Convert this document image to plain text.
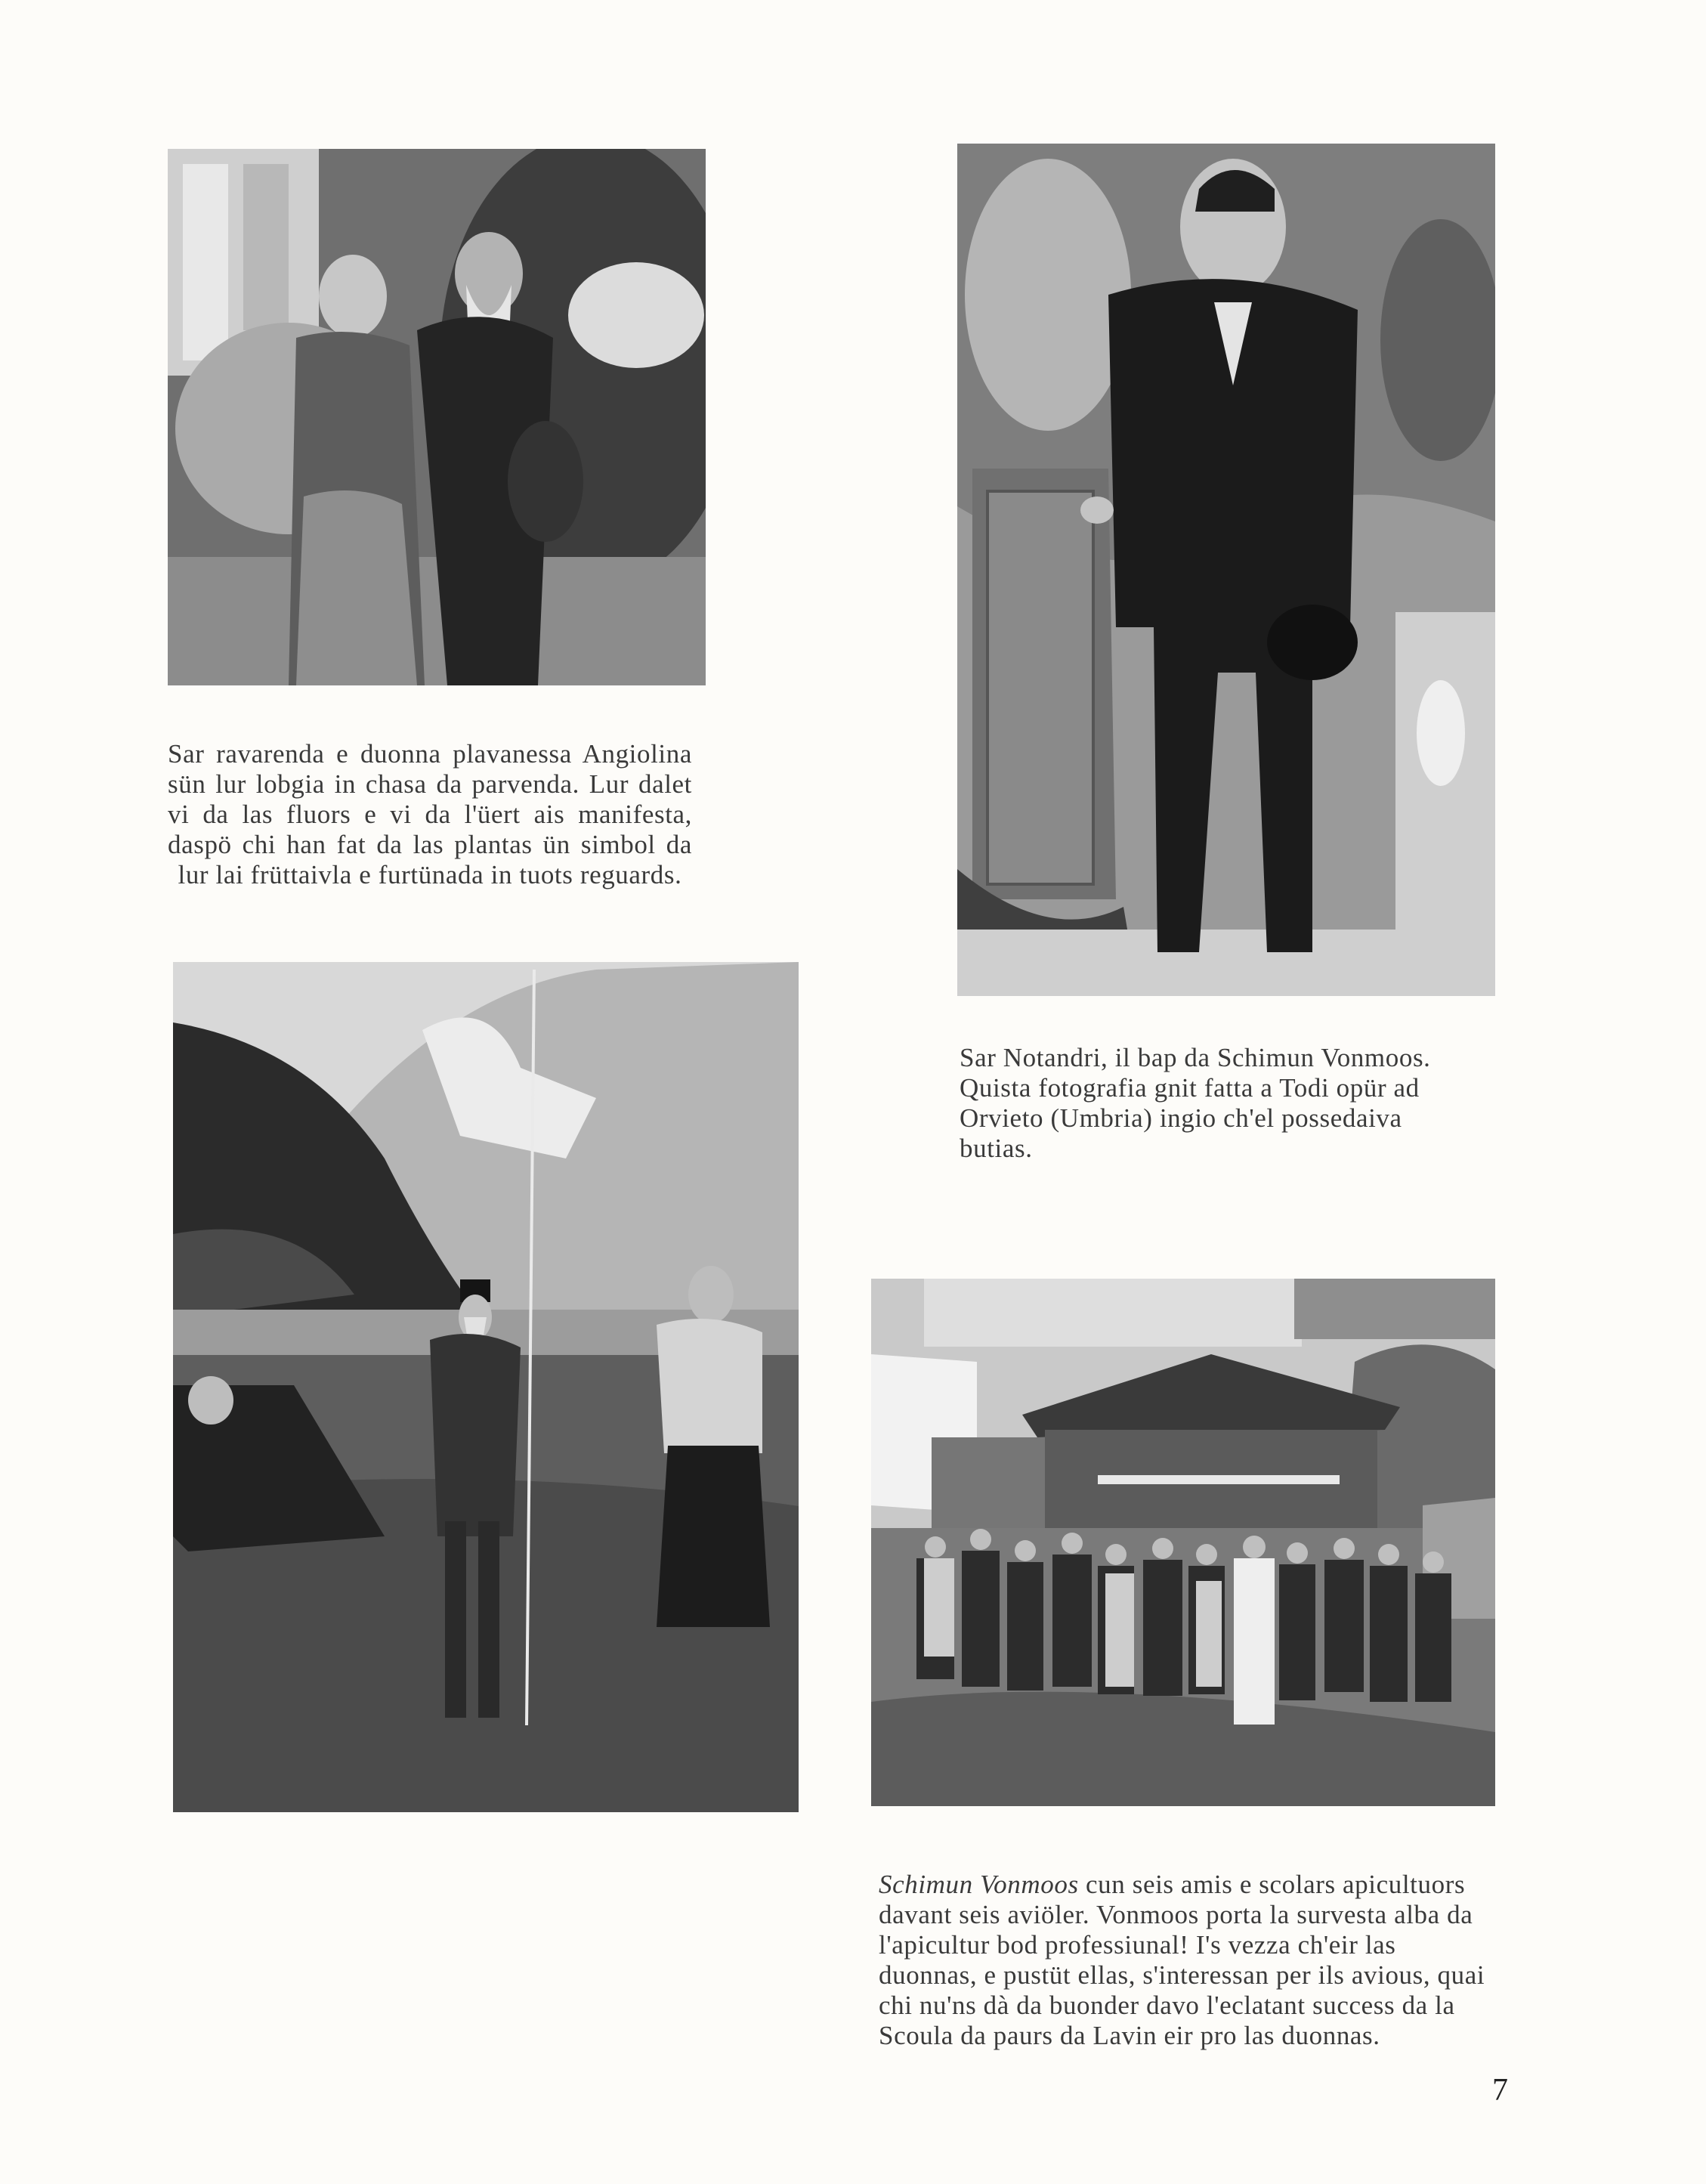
Sar ravarenda e duonna plavanessa Angiolina sün lur lobgia in chasa da parvenda. Lur dalet vi da las fluors e vi da l'üert ais manifesta, daspö chi han fat da las plantas ün simbol da lur lai früttaivla e furtünada in tuots reguards.

Sar Notandri, il bap da Schimun Vonmoos. Quista fotografia gnit fatta a Todi opür ad Orvieto (Umbria) ingio ch'el possedaiva butias.

Schimun Vonmoos cun seis amis e scolars apicultuors davant seis aviöler. Vonmoos porta la survesta alba da l'apicultur bod professiunal! I's vezza ch'eir las duonnas, e pustüt ellas, s'interessan per ils avious, quai chi nu'ns dà da buonder davo l'eclatant success da la Scoula da paurs da Lavin eir pro las duonnas.

7
